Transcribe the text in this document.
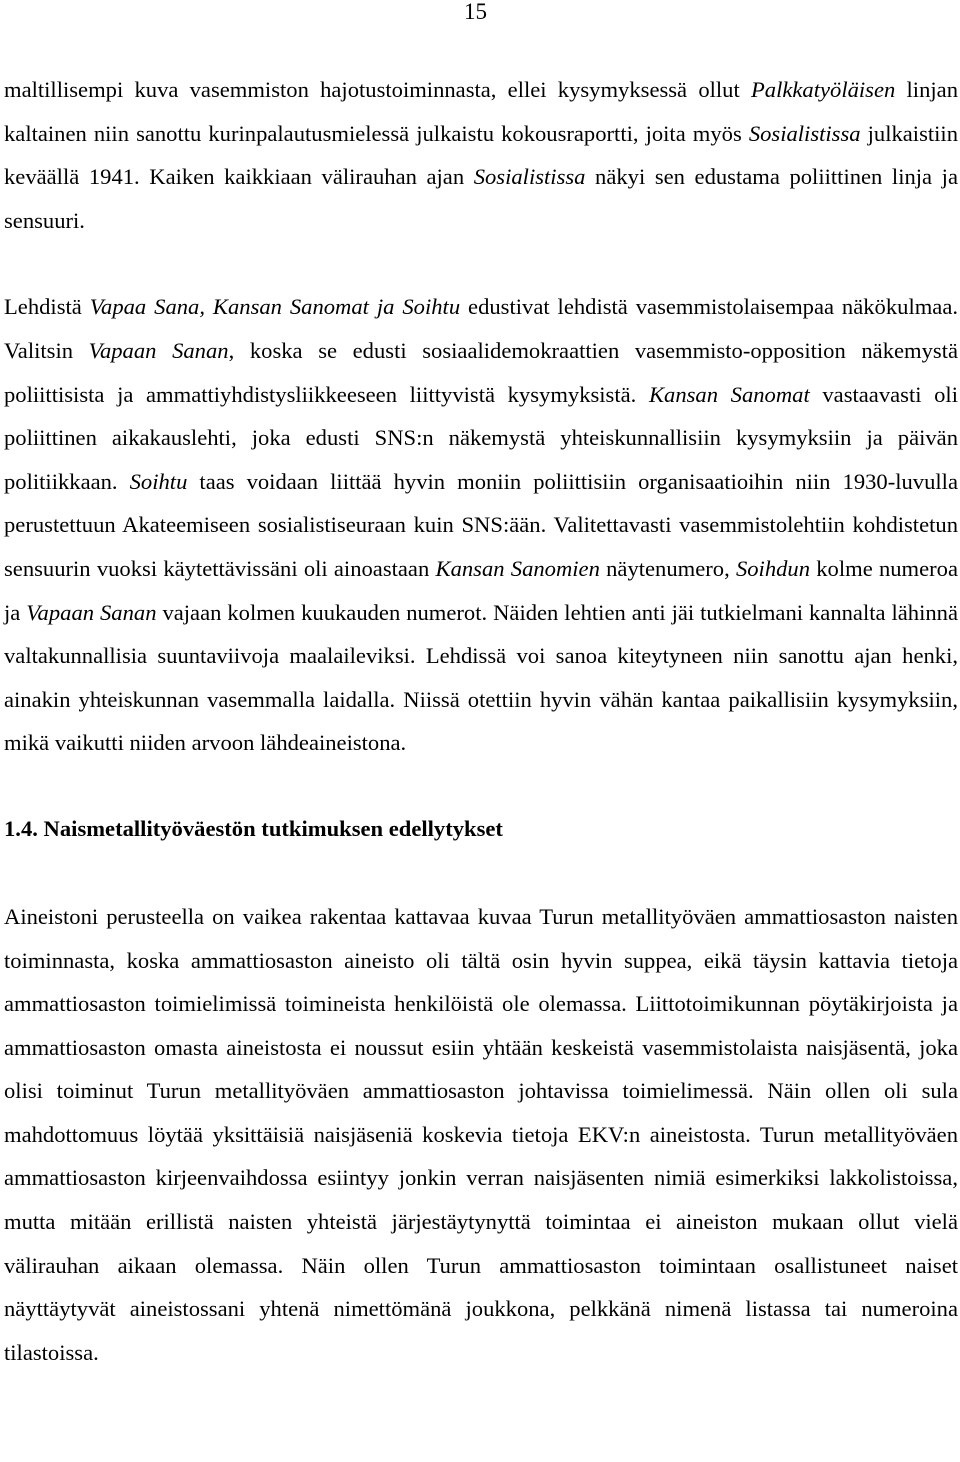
15

maltillisempi kuva vasemmiston hajotustoiminnasta, ellei kysymyksessä ollut Palkkatyöläisen linjan kaltainen niin sanottu kurinpalautusmielessä julkaistu kokousraportti, joita myös Sosialistissa julkaistiin keväällä 1941. Kaiken kaikkiaan välirauhan ajan Sosialistissa näkyi sen edustama poliittinen linja ja sensuuri.

Lehdistä Vapaa Sana, Kansan Sanomat ja Soihtu edustivat lehdistä vasemmistolaisempaa näkökulmaa. Valitsin Vapaan Sanan, koska se edusti sosiaalidemokraattien vasemmisto-opposition näkemystä poliittisista ja ammattiyhdistysliikkeeseen liittyvistä kysymyksistä. Kansan Sanomat vastaavasti oli poliittinen aikakauslehti, joka edusti SNS:n näkemystä yhteiskunnallisiin kysymyksiin ja päivän politiikkaan. Soihtu taas voidaan liittää hyvin moniin poliittisiin organisaatioihin niin 1930-luvulla perustettuun Akateemiseen sosialistiseuraan kuin SNS:ään. Valitettavasti vasemmistolehtiin kohdistetun sensuurin vuoksi käytettävissäni oli ainoastaan Kansan Sanomien näytenumero, Soihdun kolme numeroa ja Vapaan Sanan vajaan kolmen kuukauden numerot. Näiden lehtien anti jäi tutkielmani kannalta lähinnä valtakunnallisia suuntaviivoja maalaileviksi. Lehdissä voi sanoa kiteytyneen niin sanottu ajan henki, ainakin yhteiskunnan vasemmalla laidalla. Niissä otettiin hyvin vähän kantaa paikallisiin kysymyksiin, mikä vaikutti niiden arvoon lähdeaineistona.

1.4. Naismetallityöväestön tutkimuksen edellytykset

Aineistoni perusteella on vaikea rakentaa kattavaa kuvaa Turun metallityöväen ammattiosaston naisten toiminnasta, koska ammattiosaston aineisto oli tältä osin hyvin suppea, eikä täysin kattavia tietoja ammattiosaston toimielimissä toimineista henkilöistä ole olemassa. Liittotoimikunnan pöytäkirjoista ja ammattiosaston omasta aineistosta ei noussut esiin yhtään keskeistä vasemmistolaista naisjäsentä, joka olisi toiminut Turun metallityöväen ammattiosaston johtavissa toimielimessä. Näin ollen oli sula mahdottomuus löytää yksittäisiä naisjäseniä koskevia tietoja EKV:n aineistosta. Turun metallityöväen ammattiosaston kirjeenvaihdossa esiintyy jonkin verran naisjäsenten nimiä esimerkiksi lakkolistoissa, mutta mitään erillistä naisten yhteistä järjestäytynyttä toimintaa ei aineiston mukaan ollut vielä välirauhan aikaan olemassa. Näin ollen Turun ammattiosaston toimintaan osallistuneet naiset näyttäytyvät aineistossani yhtenä nimettömänä joukkona, pelkkänä nimenä listassa tai numeroina tilastoissa.
